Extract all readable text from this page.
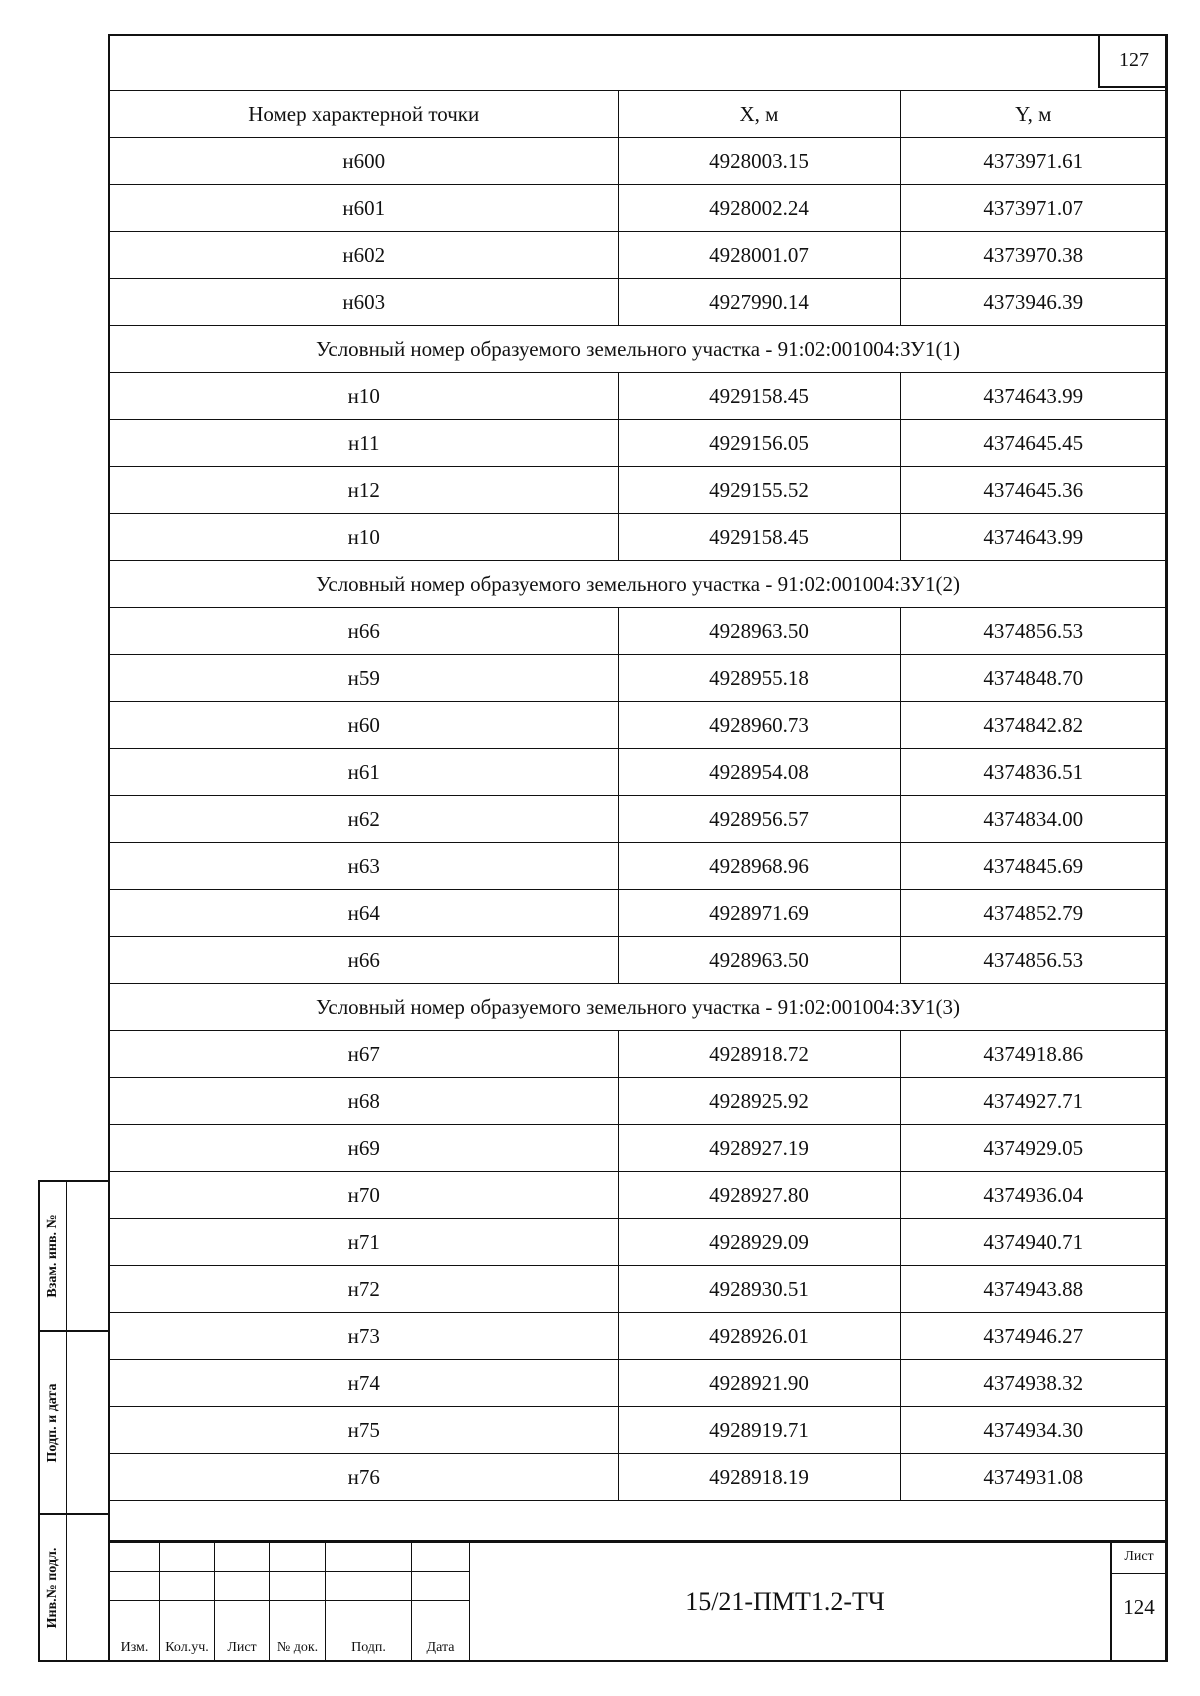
127
Номер характерной точки	X, м	Y, м
н600	4928003.15	4373971.61
н601	4928002.24	4373971.07
н602	4928001.07	4373970.38
н603	4927990.14	4373946.39
Условный номер образуемого земельного участка - 91:02:001004:ЗУ1(1)		
н10	4929158.45	4374643.99
н11	4929156.05	4374645.45
н12	4929155.52	4374645.36
н10	4929158.45	4374643.99
Условный номер образуемого земельного участка - 91:02:001004:ЗУ1(2)		
н66	4928963.50	4374856.53
н59	4928955.18	4374848.70
н60	4928960.73	4374842.82
н61	4928954.08	4374836.51
н62	4928956.57	4374834.00
н63	4928968.96	4374845.69
н64	4928971.69	4374852.79
н66	4928963.50	4374856.53
Условный номер образуемого земельного участка - 91:02:001004:ЗУ1(3)		
н67	4928918.72	4374918.86
н68	4928925.92	4374927.71
н69	4928927.19	4374929.05
н70	4928927.80	4374936.04
н71	4928929.09	4374940.71
н72	4928930.51	4374943.88
н73	4928926.01	4374946.27
н74	4928921.90	4374938.32
н75	4928919.71	4374934.30
н76	4928918.19	4374931.08
Изм.	Кол.уч.	Лист	№ док.	Подп.	Дата
15/21-ПМТ1.2-ТЧ
Лист
124
Взам. инв. №
Подп. и дата
Инв.№ подл.
